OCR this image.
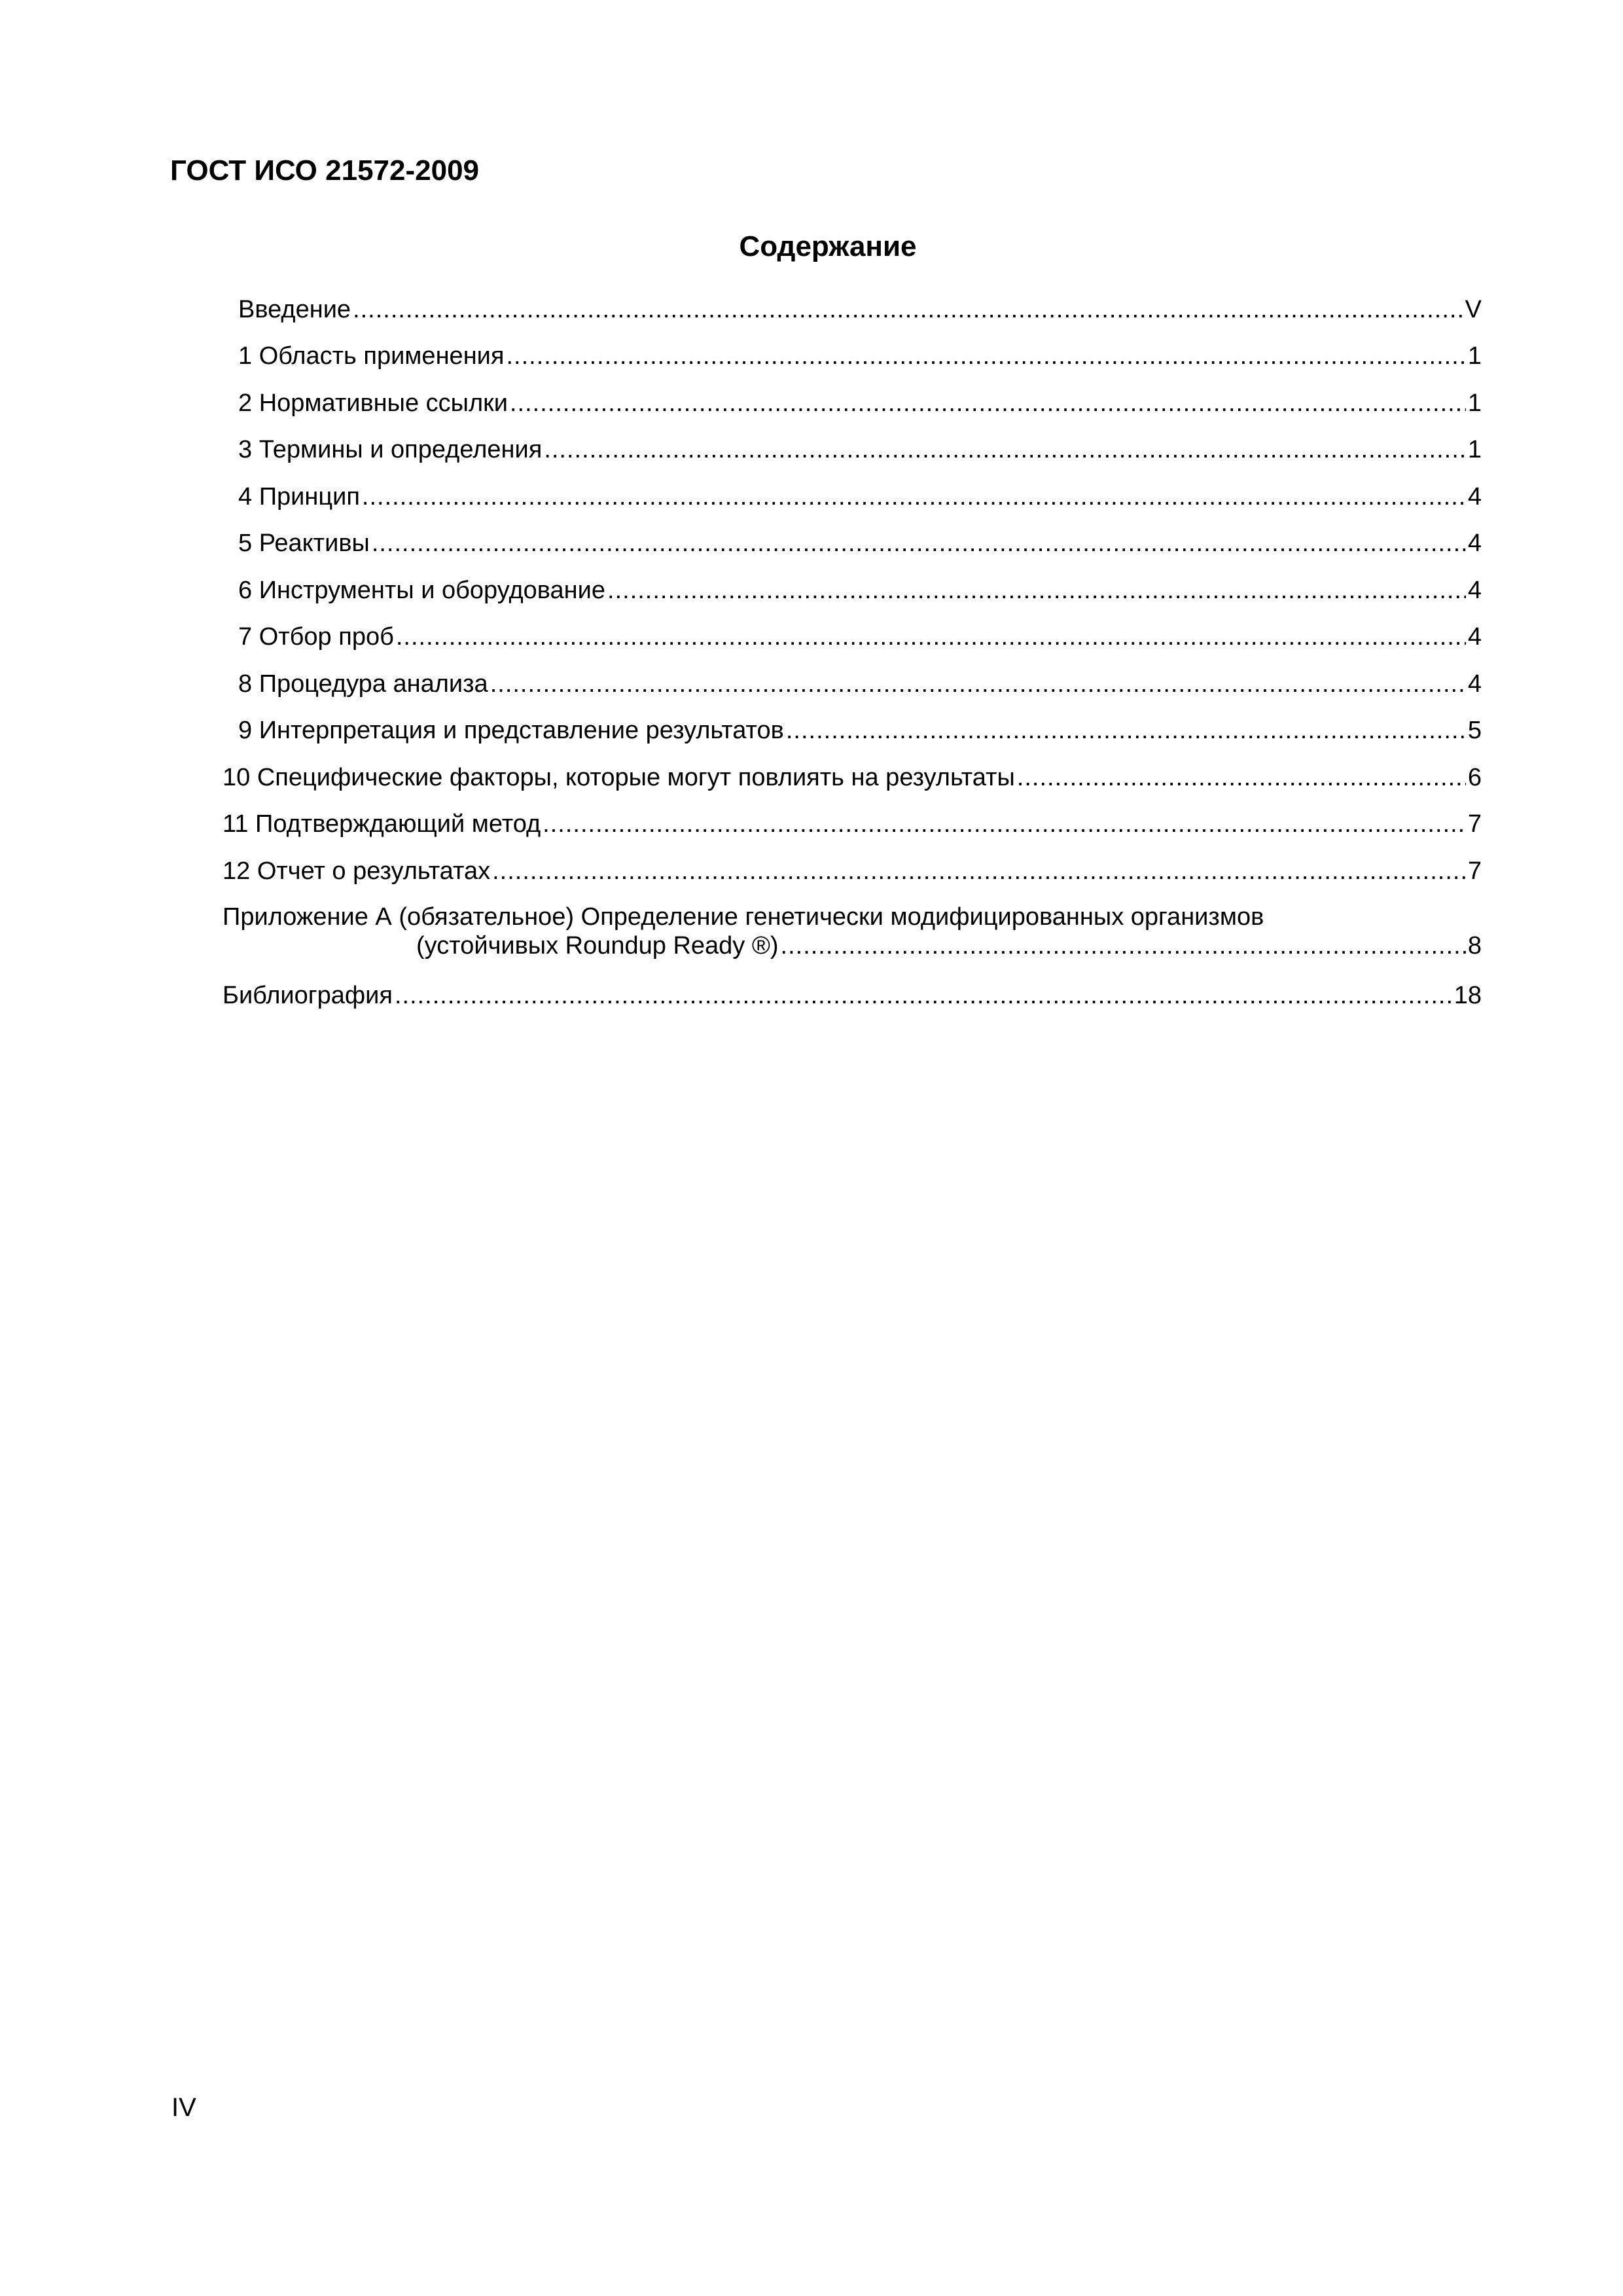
ГОСТ ИСО 21572-2009
Содержание
Введение .....	V
1 Область применения .....	1
2 Нормативные ссылки .....	1
3 Термины и определения .....	1
4 Принцип .....	4
5 Реактивы .....	4
6 Инструменты и оборудование .....	4
7 Отбор проб .....	4
8 Процедура анализа .....	4
9 Интерпретация и представление результатов .....	5
10 Специфические факторы, которые могут повлиять на результаты .....	6
11 Подтверждающий метод .....	7
12 Отчет о результатах .....	7
Приложение А (обязательное) Определение генетически модифицированных организмов
(устойчивых Roundup Ready ®) .....	8
Библиография .....	18
IV
